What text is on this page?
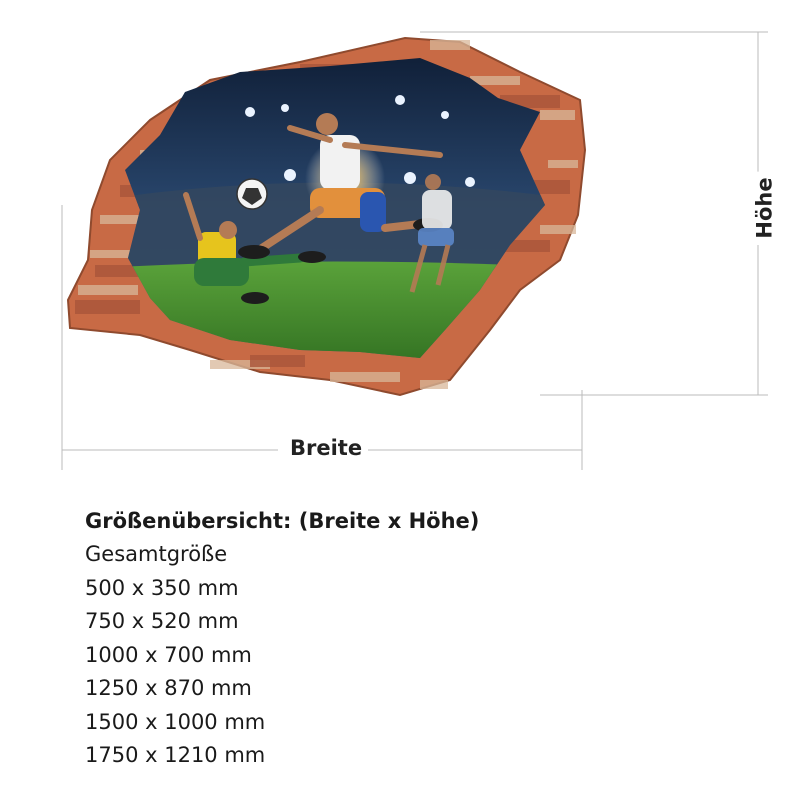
Breite
Höhe
Größenübersicht: (Breite x Höhe)
Gesamtgröße
500 x 350 mm
750 x 520 mm
1000 x 700 mm
1250 x 870 mm
1500 x 1000 mm
1750 x 1210 mm
